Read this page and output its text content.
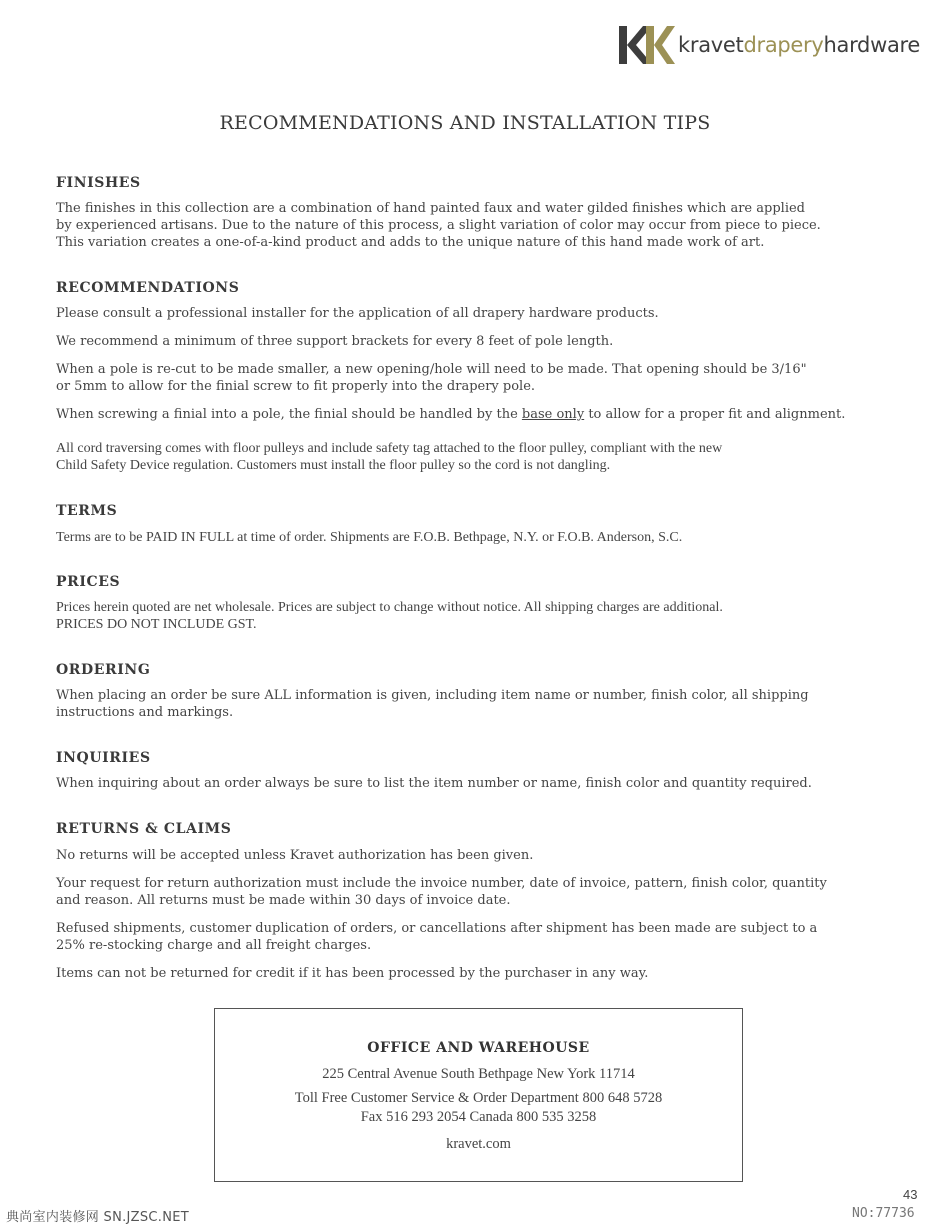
kravetdraperyhardware
RECOMMENDATIONS AND INSTALLATION TIPS
FINISHES

The finishes in this collection are a combination of hand painted faux and water gilded finishes which are applied

by experienced artisans. Due to the nature of this process, a slight variation of color may occur from piece to piece.

This variation creates a one-of-a-kind product and adds to the unique nature of this hand made work of art.

RECOMMENDATIONS

Please consult a professional installer for the application of all drapery hardware products.

We recommend a minimum of three support brackets for every 8 feet of pole length.

When a pole is re-cut to be made smaller, a new opening/hole will need to be made. That opening should be 3/16"

or 5mm to allow for the finial screw to fit properly into the drapery pole.

When screwing a finial into a pole, the finial should be handled by the base only to allow for a proper fit and alignment.

All cord traversing comes with floor pulleys and include safety tag attached to the floor pulley, compliant with the new

Child Safety Device regulation. Customers must install the floor pulley so the cord is not dangling.

TERMS

Terms are to be PAID IN FULL at time of order. Shipments are F.O.B. Bethpage, N.Y. or F.O.B. Anderson, S.C.

PRICES

Prices herein quoted are net wholesale. Prices are subject to change without notice. All shipping charges are additional.

PRICES DO NOT INCLUDE GST.

ORDERING

When placing an order be sure ALL information is given, including item name or number, finish color, all shipping

instructions and markings.

INQUIRIES

When inquiring about an order always be sure to list the item number or name, finish color and quantity required.

RETURNS & CLAIMS

No returns will be accepted unless Kravet authorization has been given.

Your request for return authorization must include the invoice number, date of invoice, pattern, finish color, quantity

and reason. All returns must be made within 30 days of invoice date.

Refused shipments, customer duplication of orders, or cancellations after shipment has been made are subject to a

25% re-stocking charge and all freight charges.

Items can not be returned for credit if it has been processed by the purchaser in any way.

OFFICE AND WAREHOUSE
225 Central Avenue South Bethpage New York 11714
Toll Free Customer Service & Order Department 800 648 5728
Fax 516 293 2054 Canada 800 535 3258
kravet.com
43
典尚室内装修网 SN.JZSC.NET	NO:77736
